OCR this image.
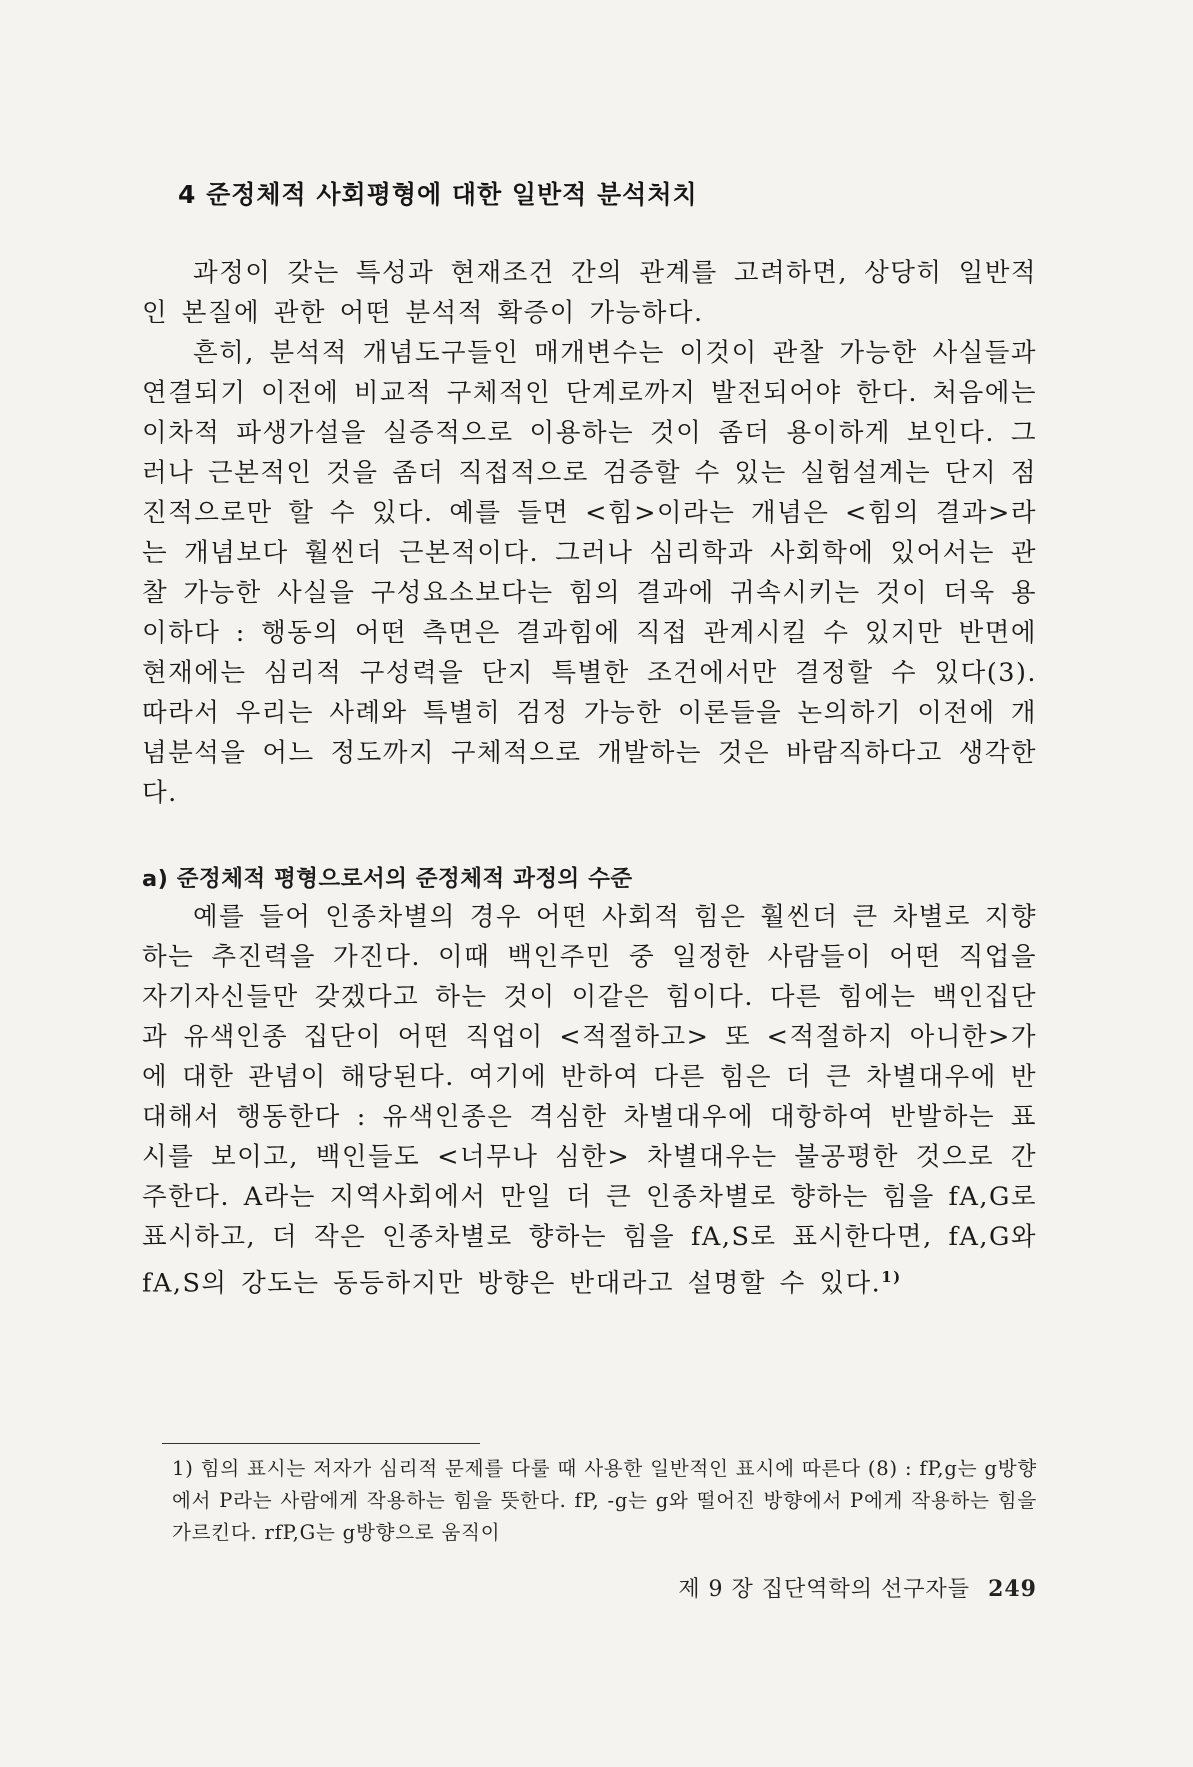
4 준정체적 사회평형에 대한 일반적 분석처치

과정이 갖는 특성과 현재조건 간의 관계를 고려하면, 상당히 일반적인 본질에 관한 어떤 분석적 확증이 가능하다.

흔히, 분석적 개념도구들인 매개변수는 이것이 관찰 가능한 사실들과 연결되기 이전에 비교적 구체적인 단계로까지 발전되어야 한다. 처음에는 이차적 파생가설을 실증적으로 이용하는 것이 좀더 용이하게 보인다. 그러나 근본적인 것을 좀더 직접적으로 검증할 수 있는 실험설계는 단지 점진적으로만 할 수 있다. 예를 들면 <힘>이라는 개념은 <힘의 결과>라는 개념보다 훨씬더 근본적이다. 그러나 심리학과 사회학에 있어서는 관찰 가능한 사실을 구성요소보다는 힘의 결과에 귀속시키는 것이 더욱 용이하다 : 행동의 어떤 측면은 결과힘에 직접 관계시킬 수 있지만 반면에 현재에는 심리적 구성력을 단지 특별한 조건에서만 결정할 수 있다(3). 따라서 우리는 사례와 특별히 검정 가능한 이론들을 논의하기 이전에 개념분석을 어느 정도까지 구체적으로 개발하는 것은 바람직하다고 생각한다.

a) 준정체적 평형으로서의 준정체적 과정의 수준

예를 들어 인종차별의 경우 어떤 사회적 힘은 훨씬더 큰 차별로 지향하는 추진력을 가진다. 이때 백인주민 중 일정한 사람들이 어떤 직업을 자기자신들만 갖겠다고 하는 것이 이같은 힘이다. 다른 힘에는 백인집단과 유색인종 집단이 어떤 직업이 <적절하고> 또 <적절하지 아니한>가에 대한 관념이 해당된다. 여기에 반하여 다른 힘은 더 큰 차별대우에 반대해서 행동한다 : 유색인종은 격심한 차별대우에 대항하여 반발하는 표시를 보이고, 백인들도 <너무나 심한> 차별대우는 불공평한 것으로 간주한다. A라는 지역사회에서 만일 더 큰 인종차별로 향하는 힘을 fA,G로 표시하고, 더 작은 인종차별로 향하는 힘을 fA,S로 표시한다면, fA,G와 fA,S의 강도는 동등하지만 방향은 반대라고 설명할 수 있다.$^{1)}$

1) 힘의 표시는 저자가 심리적 문제를 다룰 때 사용한 일반적인 표시에 따른다 (8) : fP,g는 g방향에서 P라는 사람에게 작용하는 힘을 뜻한다. fP, -g는 g와 떨어진 방향에서 P에게 작용하는 힘을 가르킨다. rfP,G는 g방향으로 움직이

제 9 장 집단역학의 선구자들 249
